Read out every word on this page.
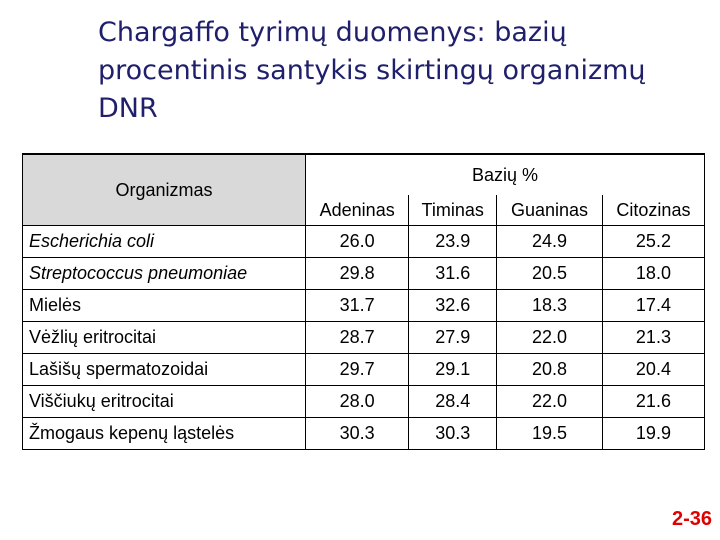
Chargaffo tyrimų duomenys: bazių procentinis santykis skirtingų organizmų DNR
Organizmas	Bazių %			
	Adeninas	Timinas	Guaninas	Citozinas
Escherichia coli	26.0	23.9	24.9	25.2
Streptococcus pneumoniae	29.8	31.6	20.5	18.0
Mielės	31.7	32.6	18.3	17.4
Vėžlių eritrocitai	28.7	27.9	22.0	21.3
Lašišų spermatozoidai	29.7	29.1	20.8	20.4
Viščiukų eritrocitai	28.0	28.4	22.0	21.6
Žmogaus kepenų ląstelės	30.3	30.3	19.5	19.9
2-36
